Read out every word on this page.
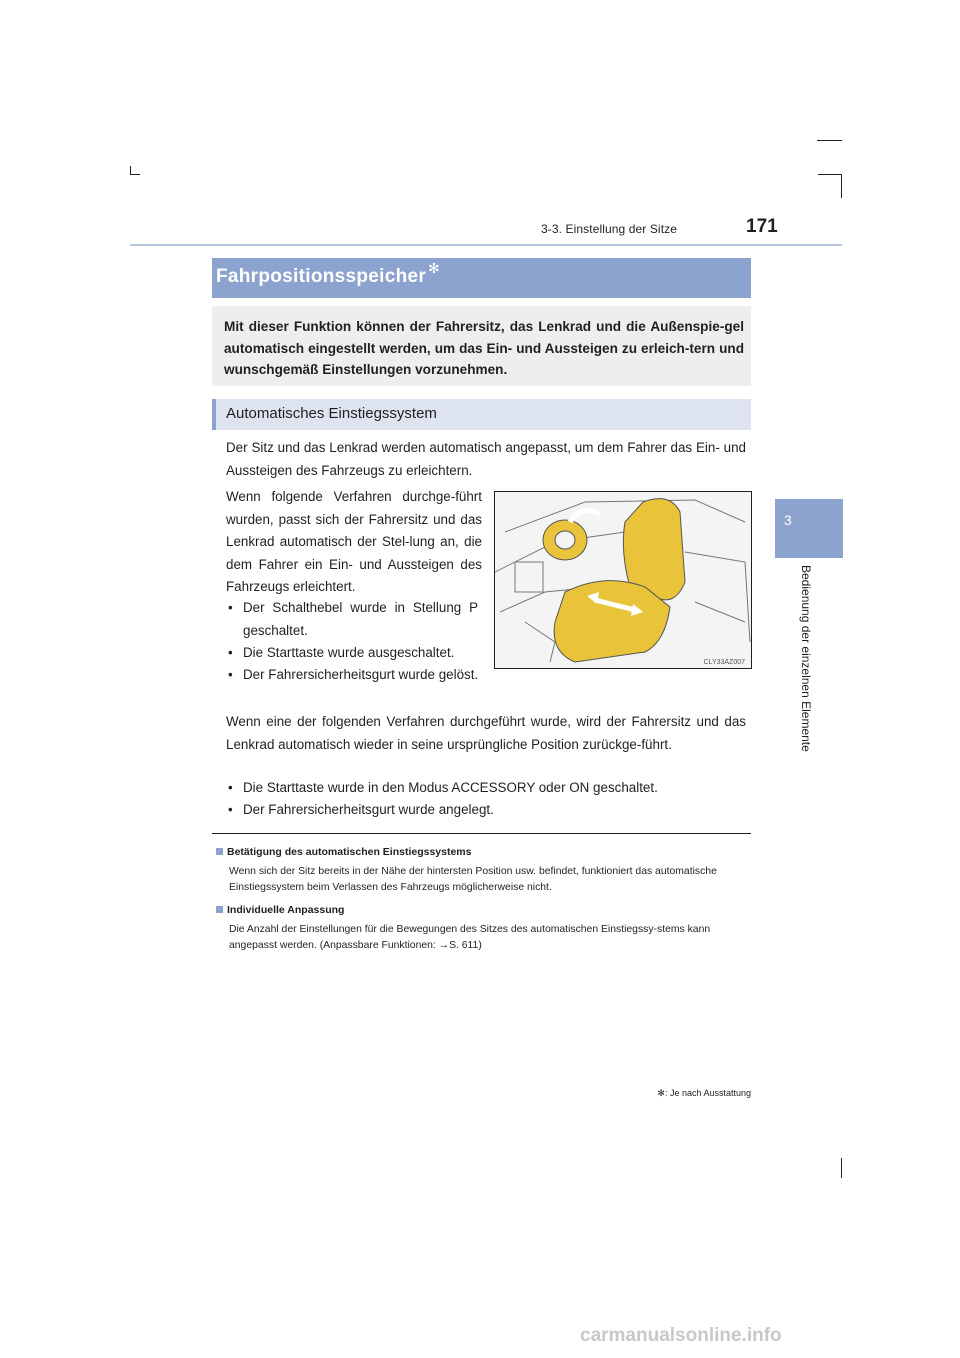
3-3. Einstellung der Sitze	171
3
Bedienung der einzelnen Elemente
Fahrpositionsspeicher ✻

Mit dieser Funktion können der Fahrersitz, das Lenkrad und die Außenspie-gel automatisch eingestellt werden, um das Ein- und Aussteigen zu erleich-tern und wunschgemäß Einstellungen vorzunehmen.

Automatisches Einstiegssystem
Der Sitz und das Lenkrad werden automatisch angepasst, um dem Fahrer das Ein- und Aussteigen des Fahrzeugs zu erleichtern.
Wenn folgende Verfahren durchge-führt wurden, passt sich der Fahrersitz und das Lenkrad automatisch der Stel-lung an, die dem Fahrer ein Ein- und Aussteigen des Fahrzeugs erleichtert.
• Der Schalthebel wurde in Stellung P geschaltet.
• Die Starttaste wurde ausgeschaltet.
• Der Fahrersicherheitsgurt wurde gelöst.
CLY33AZ007
Wenn eine der folgenden Verfahren durchgeführt wurde, wird der Fahrersitz und das Lenkrad automatisch wieder in seine ursprüngliche Position zurückge-führt.
• Die Starttaste wurde in den Modus ACCESSORY oder ON geschaltet.
• Der Fahrersicherheitsgurt wurde angelegt.
Betätigung des automatischen Einstiegssystems
Wenn sich der Sitz bereits in der Nähe der hintersten Position usw. befindet, funktioniert das automatische Einstiegssystem beim Verlassen des Fahrzeugs möglicherweise nicht.
Individuelle Anpassung
Die Anzahl der Einstellungen für die Bewegungen des Sitzes des automatischen Einstiegssy-stems kann angepasst werden. (Anpassbare Funktionen: →S. 611)
✻: Je nach Ausstattung
carmanualsonline.info
